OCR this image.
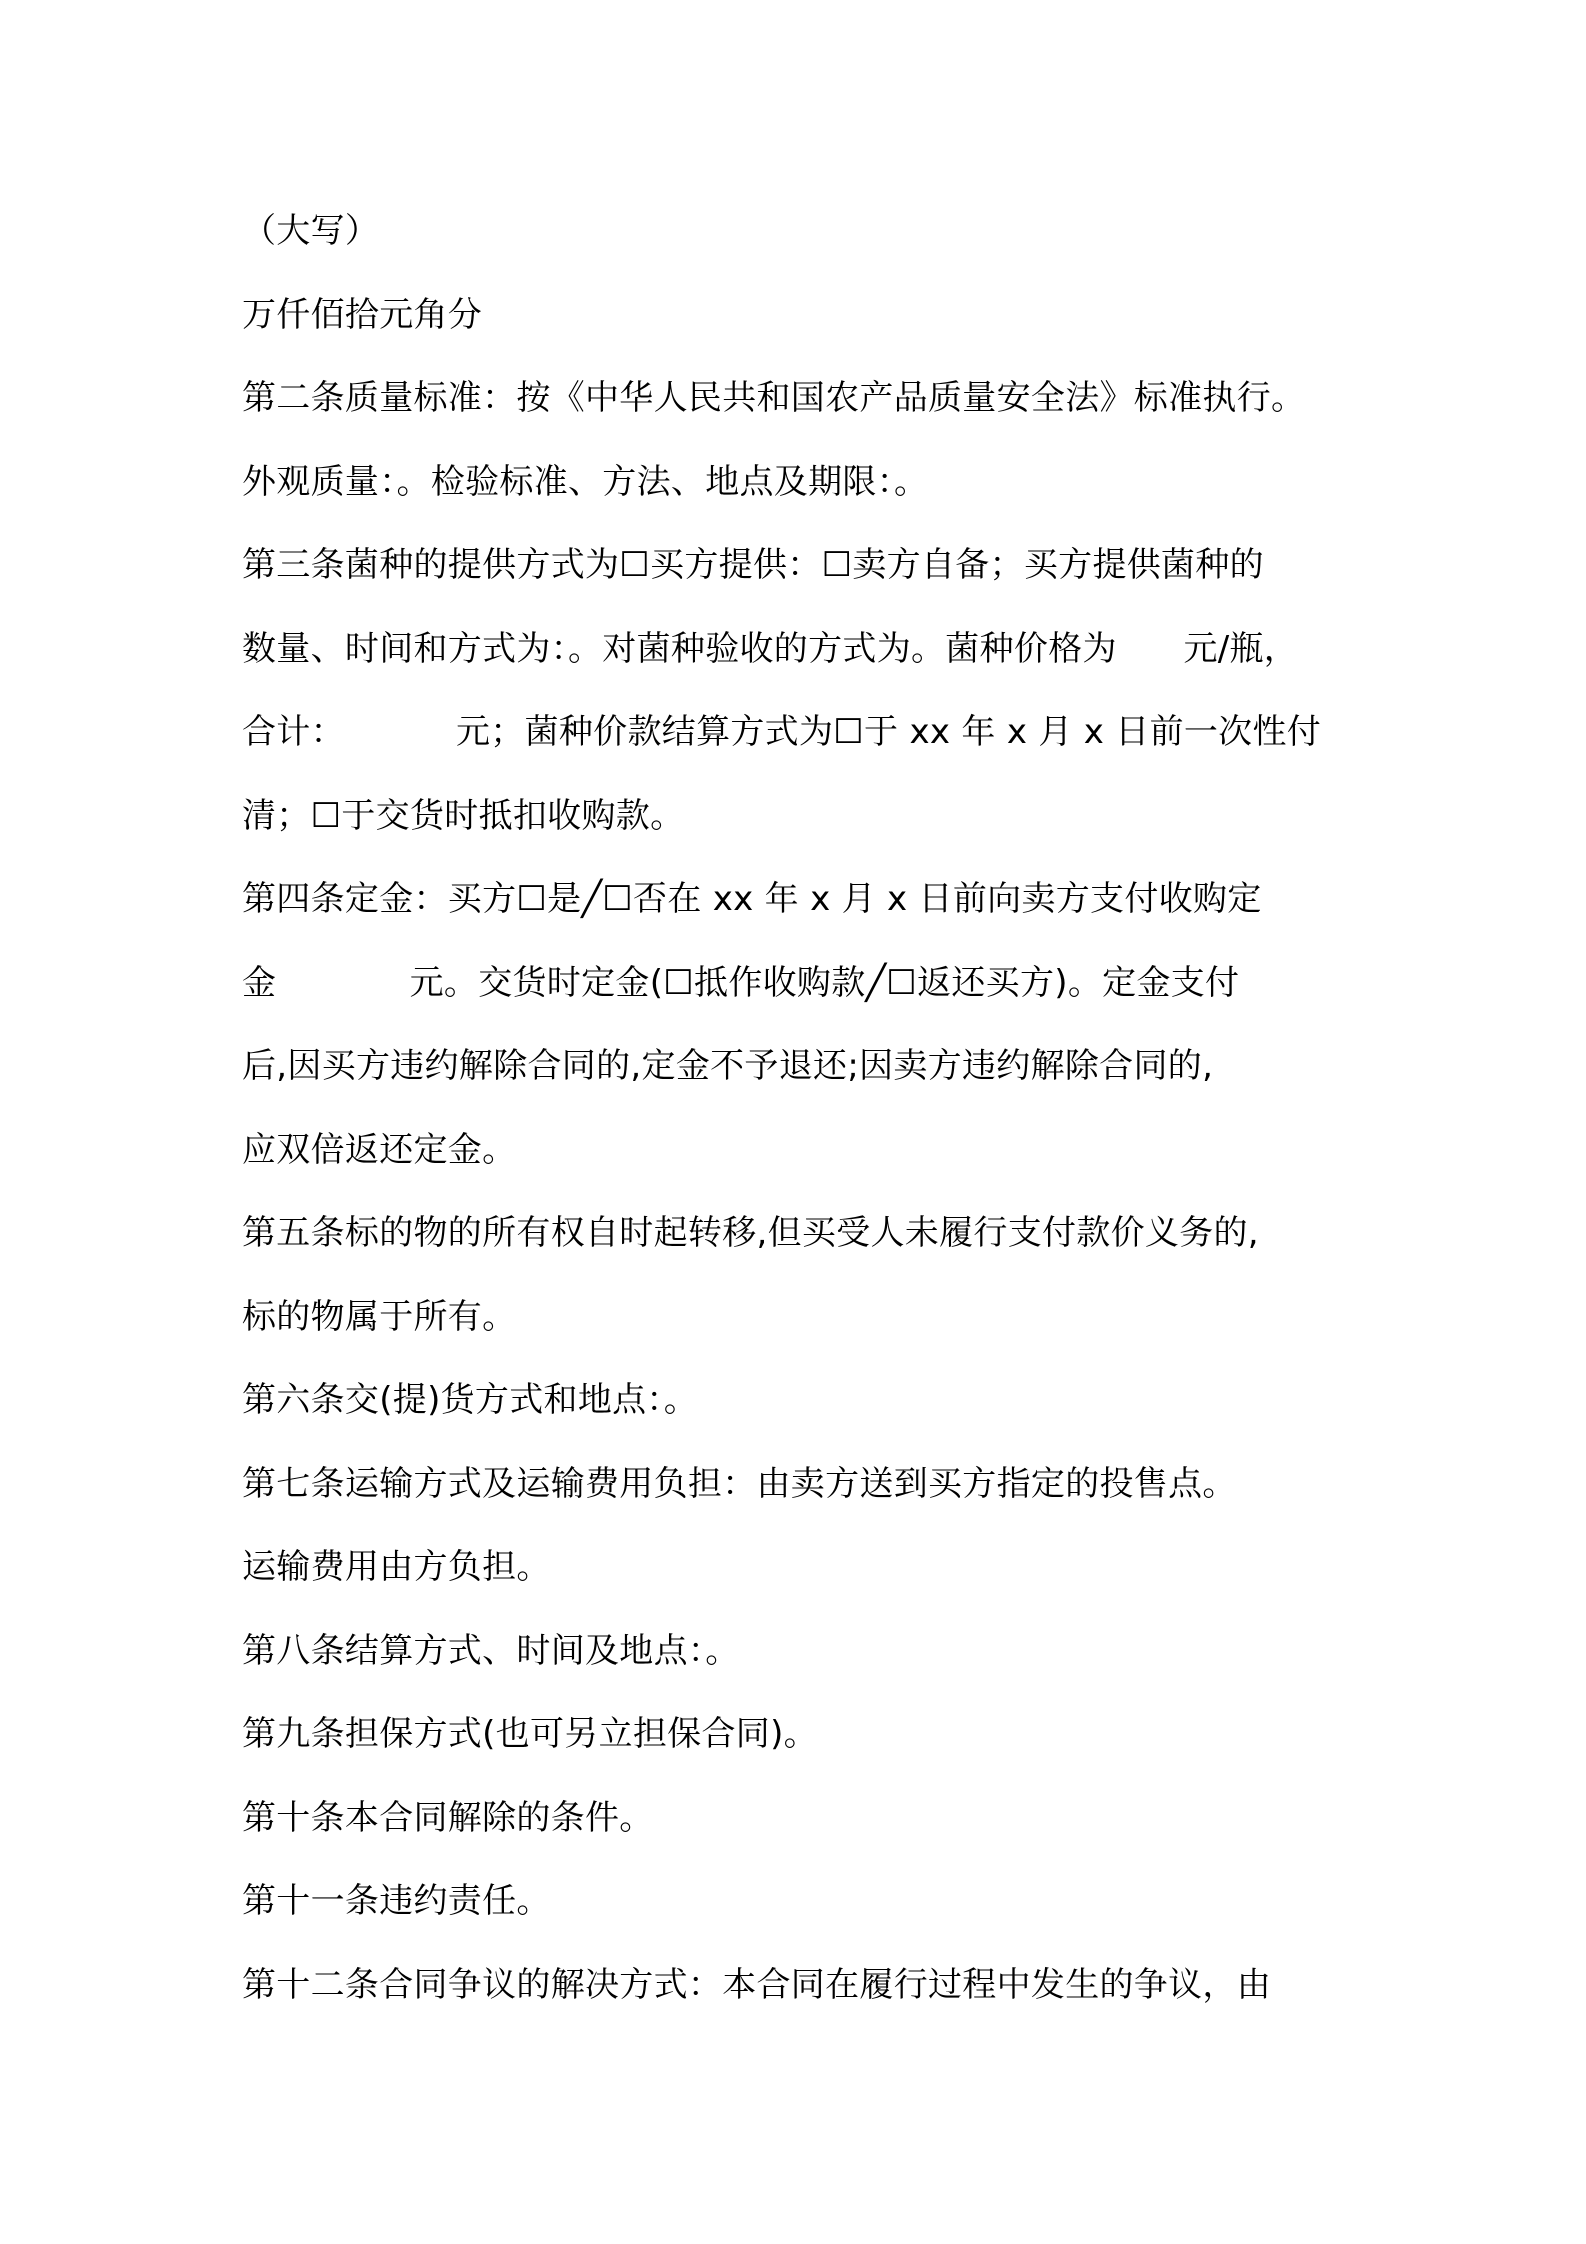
（大写）
万仟佰拾元角分
第二条质量标准：按《中华人民共和国农产品质量安全法》标准执行。
外观质量：。检验标准、方法、地点及期限：。
第三条菌种的提供方式为☐买方提供：☐卖方自备；买方提供菌种的
数量、时间和方式为：。对菌种验收的方式为。菌种价格为      元/瓶，
合计：          元；菌种价款结算方式为☐于 xx 年 x 月 x 日前一次性付
清；☐于交货时抵扣收购款。
第四条定金：买方☐是╱☐否在 xx 年 x 月 x 日前向卖方支付收购定
金            元。交货时定金(☐抵作收购款╱☐返还买方)。定金支付
后,因买方违约解除合同的,定金不予退还;因卖方违约解除合同的,
应双倍返还定金。
第五条标的物的所有权自时起转移,但买受人未履行支付款价义务的,
标的物属于所有。
第六条交(提)货方式和地点：。
第七条运输方式及运输费用负担：由卖方送到买方指定的投售点。
运输费用由方负担。
第八条结算方式、时间及地点：。
第九条担保方式(也可另立担保合同)。
第十条本合同解除的条件。
第十一条违约责任。
第十二条合同争议的解决方式：本合同在履行过程中发生的争议，由
